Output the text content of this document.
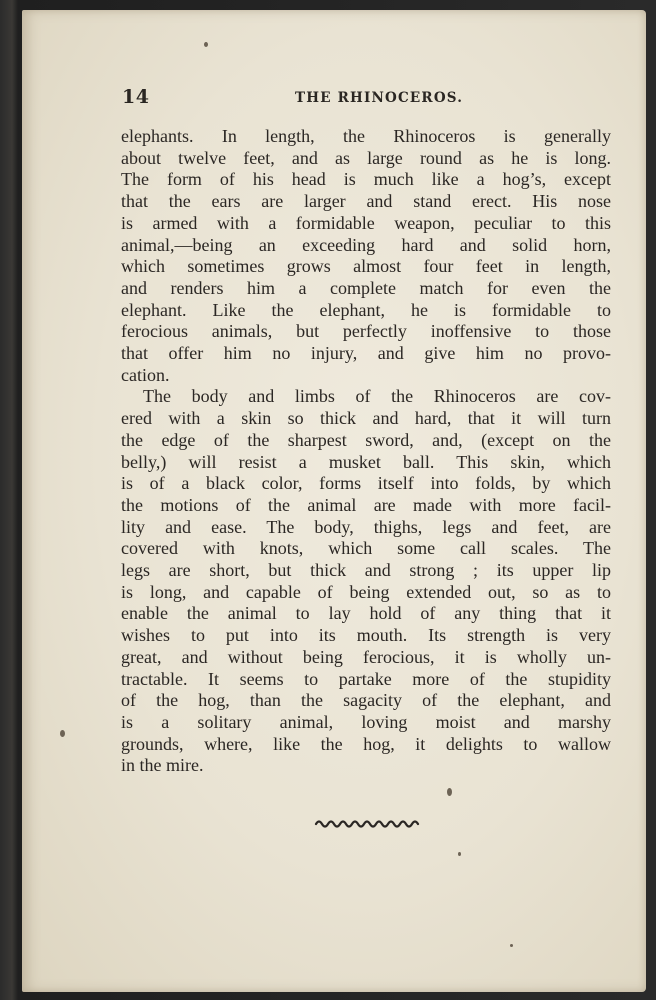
14	THE RHINOCEROS.

elephants. In length, the Rhinoceros is generally
about twelve feet, and as large round as he is long.
The form of his head is much like a hog’s, except
that the ears are larger and stand erect. His nose
is armed with a formidable weapon, peculiar to this
animal,—being an exceeding hard and solid horn,
which sometimes grows almost four feet in length,
and renders him a complete match for even the
elephant. Like the elephant, he is formidable to
ferocious animals, but perfectly inoffensive to those
that offer him no injury, and give him no provo-
cation.

The body and limbs of the Rhinoceros are cov-
ered with a skin so thick and hard, that it will turn
the edge of the sharpest sword, and, (except on the
belly,) will resist a musket ball. This skin, which
is of a black color, forms itself into folds, by which
the motions of the animal are made with more facil-
lity and ease. The body, thighs, legs and feet, are
covered with knots, which some call scales. The
legs are short, but thick and strong ; its upper lip
is long, and capable of being extended out, so as to
enable the animal to lay hold of any thing that it
wishes to put into its mouth. Its strength is very
great, and without being ferocious, it is wholly un-
tractable. It seems to partake more of the stupidity
of the hog, than the sagacity of the elephant, and
is a solitary animal, loving moist and marshy
grounds, where, like the hog, it delights to wallow
in the mire.
